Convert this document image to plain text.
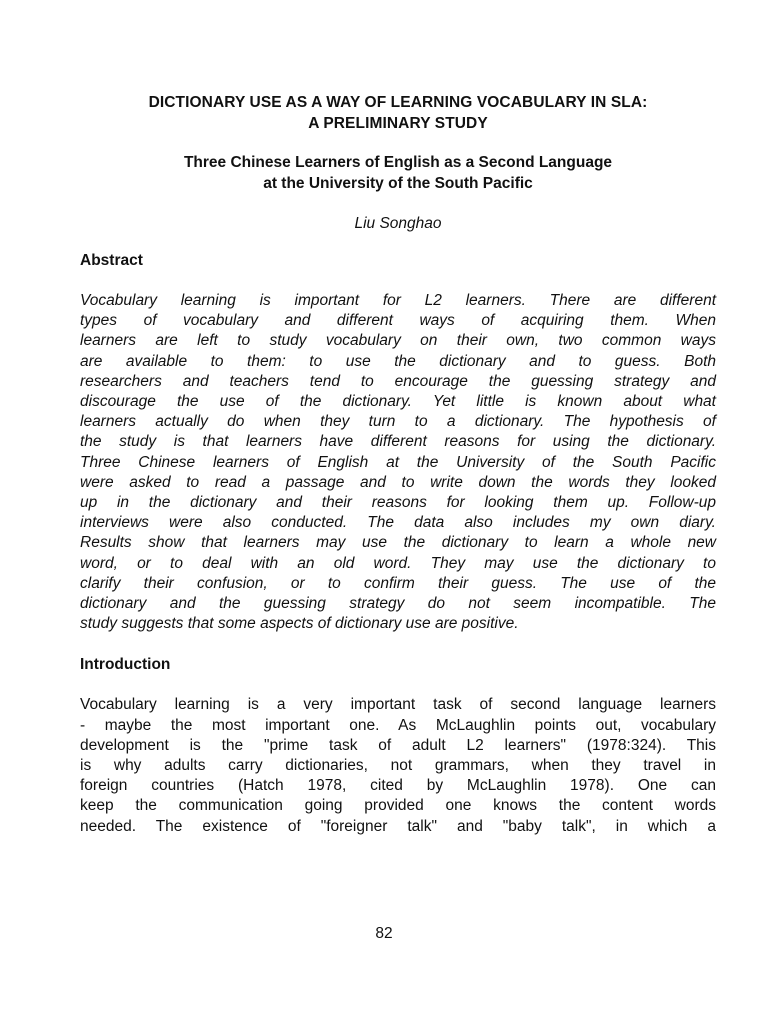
DICTIONARY USE AS A WAY OF LEARNING VOCABULARY IN SLA:
A PRELIMINARY STUDY

Three Chinese Learners of English as a Second Language
at the University of the South Pacific

Liu Songhao

Abstract

Vocabulary learning is important for L2 learners. There are different
types of vocabulary and different ways of acquiring them. When
learners are left to study vocabulary on their own, two common ways
are available to them: to use the dictionary and to guess. Both
researchers and teachers tend to encourage the guessing strategy and
discourage the use of the dictionary. Yet little is known about what
learners actually do when they turn to a dictionary. The hypothesis of
the study is that learners have different reasons for using the dictionary.
Three Chinese learners of English at the University of the South Pacific
were asked to read a passage and to write down the words they looked
up in the dictionary and their reasons for looking them up. Follow-up
interviews were also conducted. The data also includes my own diary.
Results show that learners may use the dictionary to learn a whole new
word, or to deal with an old word. They may use the dictionary to
clarify their confusion, or to confirm their guess. The use of the
dictionary and the guessing strategy do not seem incompatible. The
study suggests that some aspects of dictionary use are positive.

Introduction

Vocabulary learning is a very important task of second language learners
- maybe the most important one. As McLaughlin points out, vocabulary
development is the "prime task of adult L2 learners" (1978:324). This
is why adults carry dictionaries, not grammars, when they travel in
foreign countries (Hatch 1978, cited by McLaughlin 1978). One can
keep the communication going provided one knows the content words
needed. The existence of "foreigner talk" and "baby talk", in which a
82
